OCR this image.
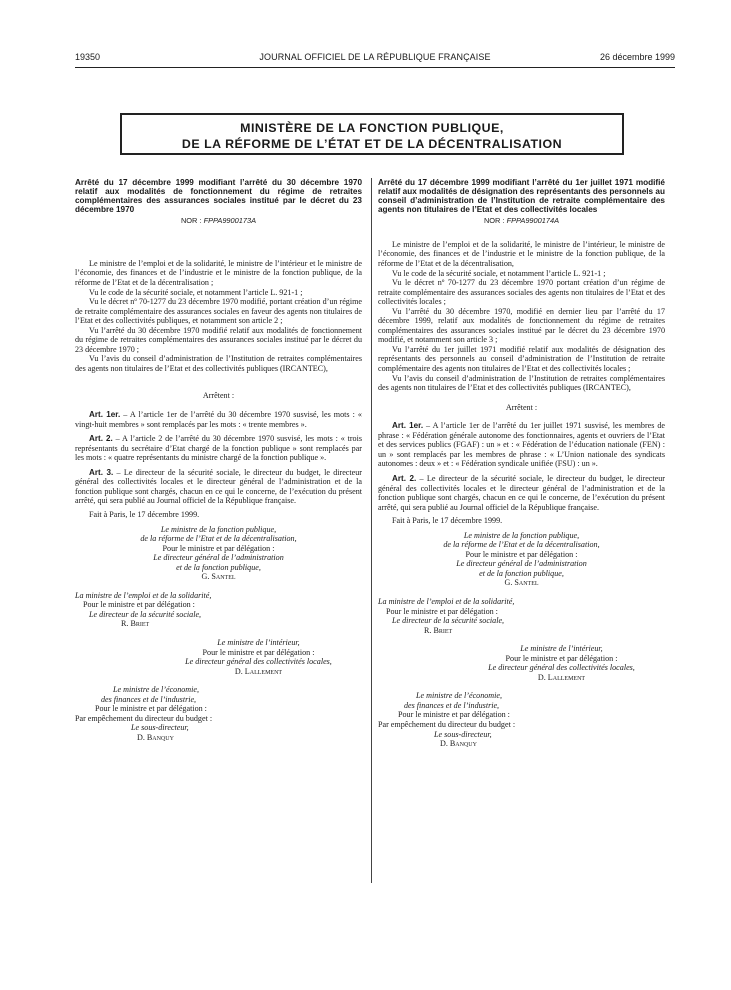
19350	JOURNAL OFFICIEL DE LA RÉPUBLIQUE FRANÇAISE	26 décembre 1999
MINISTÈRE DE LA FONCTION PUBLIQUE,
DE LA RÉFORME DE L’ÉTAT ET DE LA DÉCENTRALISATION

Arrêté du 17 décembre 1999 modifiant l’arrêté du 30 décembre 1970 relatif aux modalités de fonctionnement du régime de retraites complémentaires des assurances sociales institué par le décret du 23 décembre 1970

NOR : FPPA9900173A

Le ministre de l’emploi et de la solidarité, le ministre de l’intérieur et le ministre de l’économie, des finances et de l’industrie et le ministre de la fonction publique, de la réforme de l’Etat et de la décentralisation ;

Vu le code de la sécurité sociale, et notamment l’article L. 921-1 ;

Vu le décret nº 70-1277 du 23 décembre 1970 modifié, portant création d’un régime de retraite complémentaire des assurances sociales en faveur des agents non titulaires de l’Etat et des collectivités publiques, et notamment son article 2 ;

Vu l’arrêté du 30 décembre 1970 modifié relatif aux modalités de fonctionnement du régime de retraites complémentaires des assurances sociales institué par le décret du 23 décembre 1970 ;

Vu l’avis du conseil d’administration de l’Institution de retraites complémentaires des agents non titulaires de l’Etat et des collectivités publiques (IRCANTEC),

Arrêtent :

Art. 1er. – A l’article 1er de l’arrêté du 30 décembre 1970 susvisé, les mots : « vingt-huit membres » sont remplacés par les mots : « trente membres ».

Art. 2. – A l’article 2 de l’arrêté du 30 décembre 1970 susvisé, les mots : « trois représentants du secrétaire d’Etat chargé de la fonction publique » sont remplacés par les mots : « quatre représentants du ministre chargé de la fonction publique ».

Art. 3. – Le directeur de la sécurité sociale, le directeur du budget, le directeur général des collectivités locales et le directeur général de l’administration et de la fonction publique sont chargés, chacun en ce qui le concerne, de l’exécution du présent arrêté, qui sera publié au Journal officiel de la République française.

Fait à Paris, le 17 décembre 1999.

Le ministre de la fonction publique,

de la réforme de l’Etat et de la décentralisation,

Pour le ministre et par délégation :

Le directeur général de l’administration

et de la fonction publique,

G. Santel

La ministre de l’emploi et de la solidarité,

Pour le ministre et par délégation :

Le directeur de la sécurité sociale,

R. Briet

Le ministre de l’intérieur,

Pour le ministre et par délégation :

Le directeur général des collectivités locales,

D. Lallement

Le ministre de l’économie,

des finances et de l’industrie,

Pour le ministre et par délégation :

Par empêchement du directeur du budget :

Le sous-directeur,

D. Banquy

Arrêté du 17 décembre 1999 modifiant l’arrêté du 1er juillet 1971 modifié relatif aux modalités de désignation des représentants des personnels au conseil d’administration de l’Institution de retraite complémentaire des agents non titulaires de l’Etat et des collectivités locales

NOR : FPPA9900174A

Le ministre de l’emploi et de la solidarité, le ministre de l’intérieur, le ministre de l’économie, des finances et de l’industrie et le ministre de la fonction publique, de la réforme de l’Etat et de la décentralisation,

Vu le code de la sécurité sociale, et notamment l’article L. 921-1 ;

Vu le décret nº 70-1277 du 23 décembre 1970 portant création d’un régime de retraite complémentaire des assurances sociales des agents non titulaires de l’Etat et des collectivités locales ;

Vu l’arrêté du 30 décembre 1970, modifié en dernier lieu par l’arrêté du 17 décembre 1999, relatif aux modalités de fonctionnement du régime de retraites complémentaires des assurances sociales institué par le décret du 23 décembre 1970 modifié, et notamment son article 3 ;

Vu l’arrêté du 1er juillet 1971 modifié relatif aux modalités de désignation des représentants des personnels au conseil d’administration de l’Institution de retraite complémentaire des agents non titulaires de l’Etat et des collectivités locales ;

Vu l’avis du conseil d’administration de l’Institution de retraites complémentaires des agents non titulaires de l’Etat et des collectivités publiques (IRCANTEC),

Arrêtent :

Art. 1er. – A l’article 1er de l’arrêté du 1er juillet 1971 susvisé, les membres de phrase : « Fédération générale autonome des fonctionnaires, agents et ouvriers de l’Etat et des services publics (FGAF) : un » et : « Fédération de l’éducation nationale (FEN) : un » sont remplacés par les membres de phrase : « L’Union nationale des syndicats autonomes : deux » et : « Fédération syndicale unifiée (FSU) : un ».

Art. 2. – Le directeur de la sécurité sociale, le directeur du budget, le directeur général des collectivités locales et le directeur général de l’administration et de la fonction publique sont chargés, chacun en ce qui le concerne, de l’exécution du présent arrêté, qui sera publié au Journal officiel de la République française.

Fait à Paris, le 17 décembre 1999.

Le ministre de la fonction publique,

de la réforme de l’Etat et de la décentralisation,

Pour le ministre et par délégation :

Le directeur général de l’administration

et de la fonction publique,

G. Santel

La ministre de l’emploi et de la solidarité,

Pour le ministre et par délégation :

Le directeur de la sécurité sociale,

R. Briet

Le ministre de l’intérieur,

Pour le ministre et par délégation :

Le directeur général des collectivités locales,

D. Lallement

Le ministre de l’économie,

des finances et de l’industrie,

Pour le ministre et par délégation :

Par empêchement du directeur du budget :

Le sous-directeur,

D. Banquy
